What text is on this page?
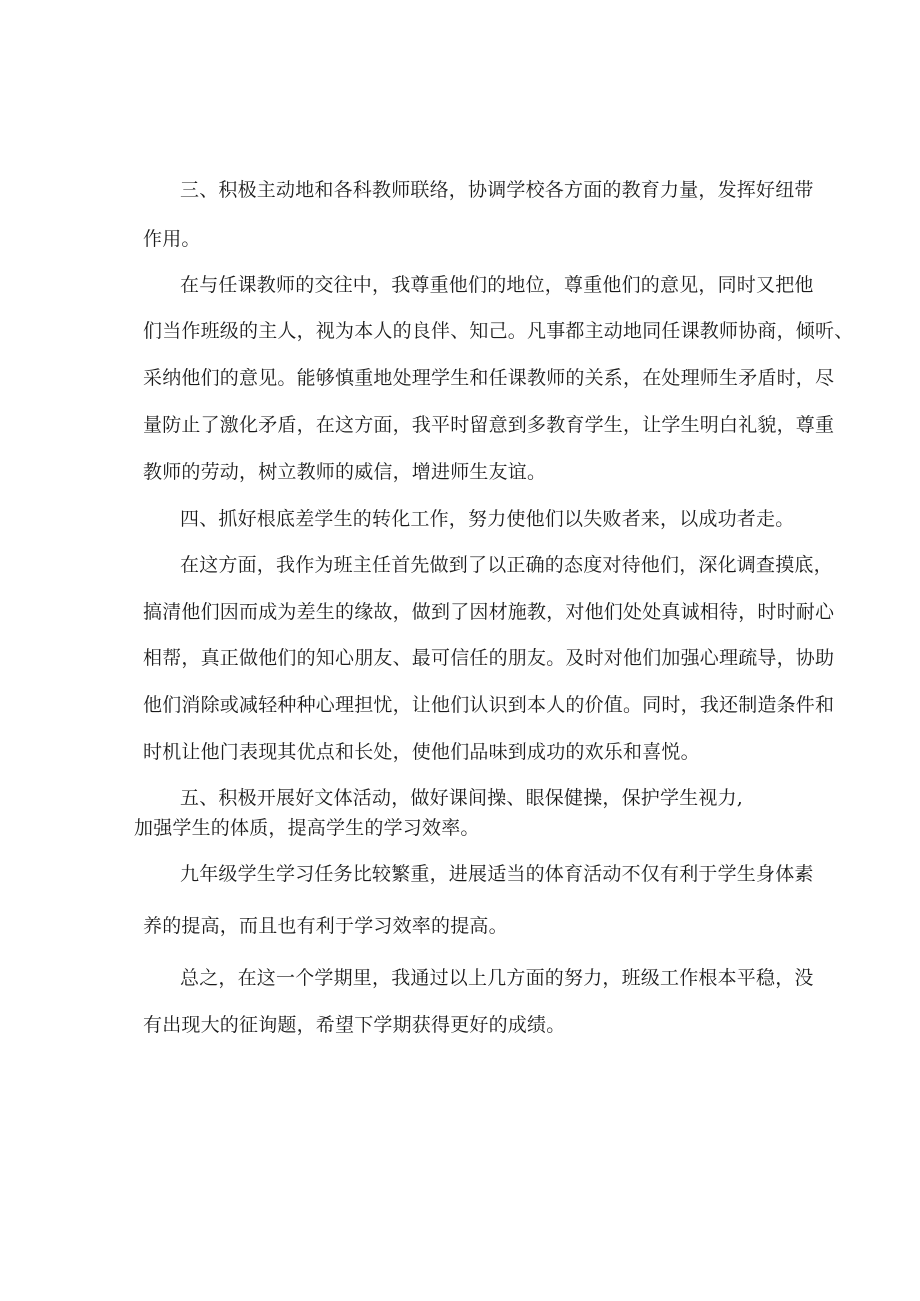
三、积极主动地和各科教师联络，协调学校各方面的教育力量，发挥好纽带
作用。
在与任课教师的交往中，我尊重他们的地位，尊重他们的意见，同时又把他
们当作班级的主人，视为本人的良伴、知己。凡事都主动地同任课教师协商，倾听、
采纳他们的意见。能够慎重地处理学生和任课教师的关系，在处理师生矛盾时，尽
量防止了激化矛盾，在这方面，我平时留意到多教育学生，让学生明白礼貌，尊重
教师的劳动，树立教师的威信，增进师生友谊。
四、抓好根底差学生的转化工作，努力使他们以失败者来，以成功者走。
在这方面，我作为班主任首先做到了以正确的态度对待他们，深化调查摸底，
搞清他们因而成为差生的缘故，做到了因材施教，对他们处处真诚相待，时时耐心
相帮，真正做他们的知心朋友、最可信任的朋友。及时对他们加强心理疏导，协助
他们消除或减轻种种心理担忧，让他们认识到本人的价值。同时，我还制造条件和
时机让他门表现其优点和长处，使他们品味到成功的欢乐和喜悦。
五、积极开展好文体活动，做好课间操、眼保健操，保护学生视力,
加强学生的体质，提高学生的学习效率。
九年级学生学习任务比较繁重，进展适当的体育活动不仅有利于学生身体素
养的提高，而且也有利于学习效率的提高。
总之，在这一个学期里，我通过以上几方面的努力，班级工作根本平稳，没
有出现大的征询题，希望下学期获得更好的成绩。
